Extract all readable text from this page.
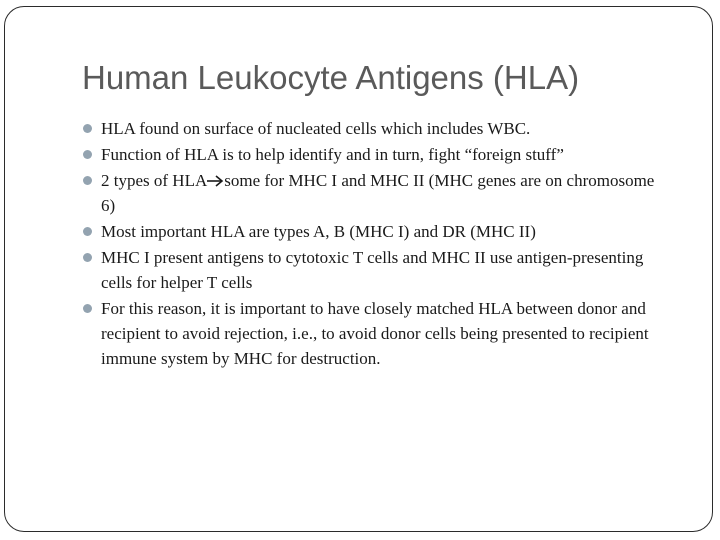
Human Leukocyte Antigens (HLA)
HLA found on surface of nucleated cells which includes WBC.
Function of HLA is to help identify and in turn, fight “foreign stuff”
2 types of HLA some for MHC I and MHC II (MHC genes are on chromosome 6)
Most important HLA are types A, B (MHC I) and DR (MHC II)
MHC I present antigens to cytotoxic T cells and MHC II use antigen-presenting cells for helper T cells
For this reason, it is important to have closely matched HLA between donor and recipient to avoid rejection, i.e., to avoid donor cells being presented to recipient immune system by MHC for destruction.
